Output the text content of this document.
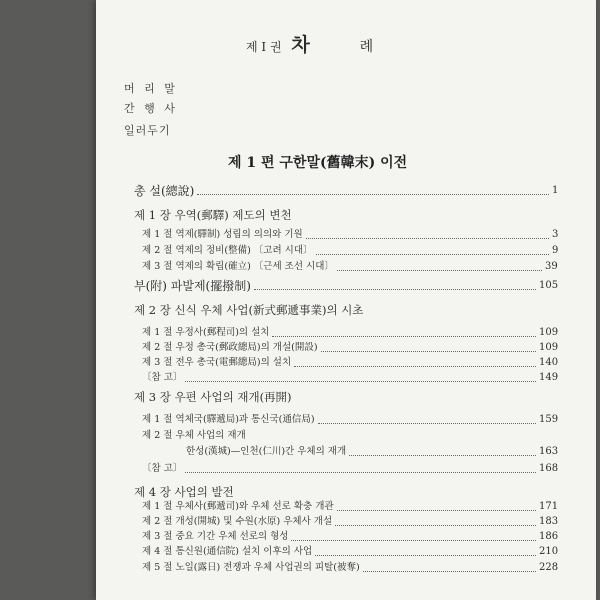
제 I 권 차	례
머 리 말
간 행 사
일러두기
제 1 편 구한말(舊韓末) 이전
총 설(總說)	1
제 1 장 우역(郵驛) 제도의 변천
제 1 절 역제(驛制) 성립의 의의와 기원	3
제 2 절 역제의 정비(整備) 〔고려 시대〕	9
제 3 절 역제의 확립(確立) 〔근세 조선 시대〕	39
부(附) 파발제(擺撥制)	105
제 2 장 신식 우체 사업(新式郵遞事業)의 시초
제 1 절 우정사(郵程司)의 설치	109
제 2 절 우정 총국(郵政總局)의 개설(開設)	109
제 3 절 전우 총국(電郵總局)의 설치	140
〔참 고〕	149
제 3 장 우편 사업의 재개(再開)
제 1 절 역체국(驛遞局)과 통신국(通信局)	159
제 2 절 우체 사업의 재개
한성(漢城)—인천(仁川)간 우체의 재개	163
〔참 고〕	168
제 4 장 사업의 발전
제 1 절 우체사(郵遞司)와 우체 선로 확충 개관	171
제 2 절 개성(開城) 및 수원(水原) 우체사 개설	183
제 3 절 중요 기간 우체 선로의 형성	186
제 4 절 통신원(通信院) 설치 이후의 사업	210
제 5 절 노일(露日) 전쟁과 우체 사업권의 피탈(被奪)	228
